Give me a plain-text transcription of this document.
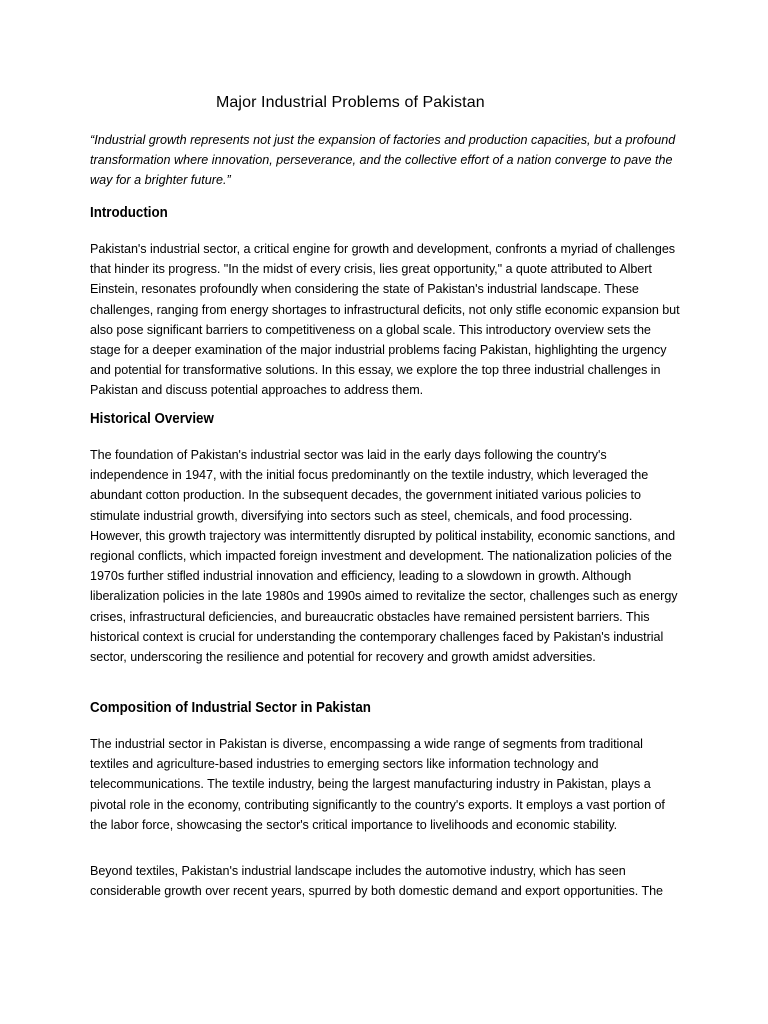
Major Industrial Problems of Pakistan

“Industrial growth represents not just the expansion of factories and production capacities, but a profound transformation where innovation, perseverance, and the collective effort of a nation converge to pave the way for a brighter future.”

Introduction

Pakistan's industrial sector, a critical engine for growth and development, confronts a myriad of challenges that hinder its progress. "In the midst of every crisis, lies great opportunity," a quote attributed to Albert Einstein, resonates profoundly when considering the state of Pakistan's industrial landscape. These challenges, ranging from energy shortages to infrastructural deficits, not only stifle economic expansion but also pose significant barriers to competitiveness on a global scale. This introductory overview sets the stage for a deeper examination of the major industrial problems facing Pakistan, highlighting the urgency and potential for transformative solutions. In this essay, we explore the top three industrial challenges in Pakistan and discuss potential approaches to address them.

Historical Overview

The foundation of Pakistan's industrial sector was laid in the early days following the country's independence in 1947, with the initial focus predominantly on the textile industry, which leveraged the abundant cotton production. In the subsequent decades, the government initiated various policies to stimulate industrial growth, diversifying into sectors such as steel, chemicals, and food processing. However, this growth trajectory was intermittently disrupted by political instability, economic sanctions, and regional conflicts, which impacted foreign investment and development. The nationalization policies of the 1970s further stifled industrial innovation and efficiency, leading to a slowdown in growth. Although liberalization policies in the late 1980s and 1990s aimed to revitalize the sector, challenges such as energy crises, infrastructural deficiencies, and bureaucratic obstacles have remained persistent barriers. This historical context is crucial for understanding the contemporary challenges faced by Pakistan's industrial sector, underscoring the resilience and potential for recovery and growth amidst adversities.

Composition of Industrial Sector in Pakistan

The industrial sector in Pakistan is diverse, encompassing a wide range of segments from traditional textiles and agriculture-based industries to emerging sectors like information technology and telecommunications. The textile industry, being the largest manufacturing industry in Pakistan, plays a pivotal role in the economy, contributing significantly to the country's exports. It employs a vast portion of the labor force, showcasing the sector's critical importance to livelihoods and economic stability.

Beyond textiles, Pakistan's industrial landscape includes the automotive industry, which has seen considerable growth over recent years, spurred by both domestic demand and export opportunities. The
